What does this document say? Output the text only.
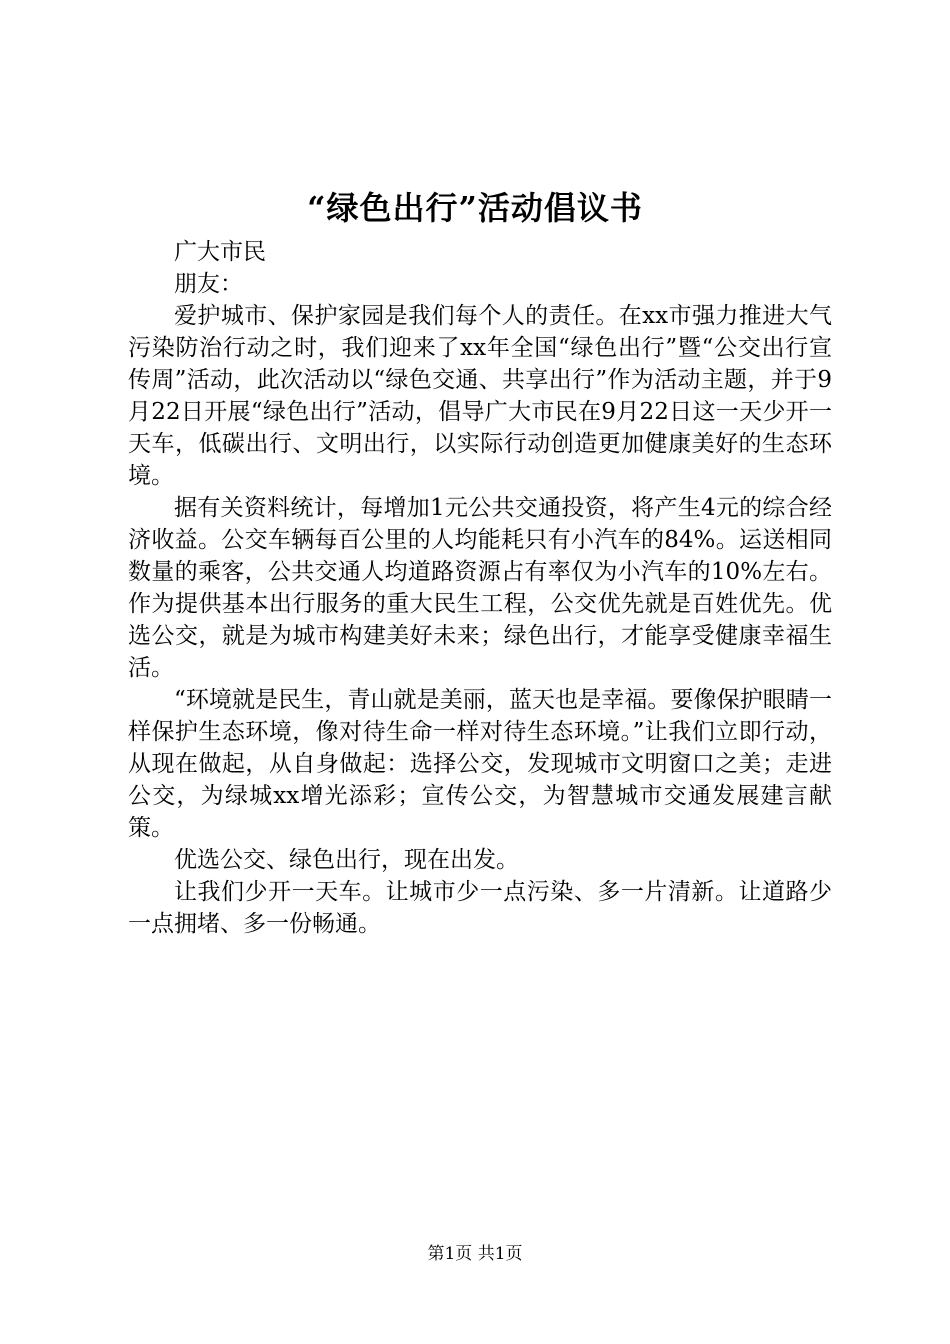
“绿色出行”活动倡议书

广大市民

朋友：

爱护城市、保护家园是我们每个人的责任。在xx市强力推进大气污染防治行动之时，我们迎来了xx年全国“绿色出行”暨“公交出行宣传周”活动，此次活动以“绿色交通、共享出行”作为活动主题，并于9月22日开展“绿色出行”活动，倡导广大市民在9月22日这一天少开一天车，低碳出行、文明出行，以实际行动创造更加健康美好的生态环境。

据有关资料统计，每增加1元公共交通投资，将产生4元的综合经济收益。公交车辆每百公里的人均能耗只有小汽车的84%。运送相同数量的乘客，公共交通人均道路资源占有率仅为小汽车的10%左右。作为提供基本出行服务的重大民生工程，公交优先就是百姓优先。优选公交，就是为城市构建美好未来；绿色出行，才能享受健康幸福生活。

“环境就是民生，青山就是美丽，蓝天也是幸福。要像保护眼睛一样保护生态环境，像对待生命一样对待生态环境。”让我们立即行动，从现在做起，从自身做起：选择公交，发现城市文明窗口之美；走进公交，为绿城xx增光添彩；宣传公交，为智慧城市交通发展建言献策。

优选公交、绿色出行，现在出发。

让我们少开一天车。让城市少一点污染、多一片清新。让道路少一点拥堵、多一份畅通。

第1页 共1页
